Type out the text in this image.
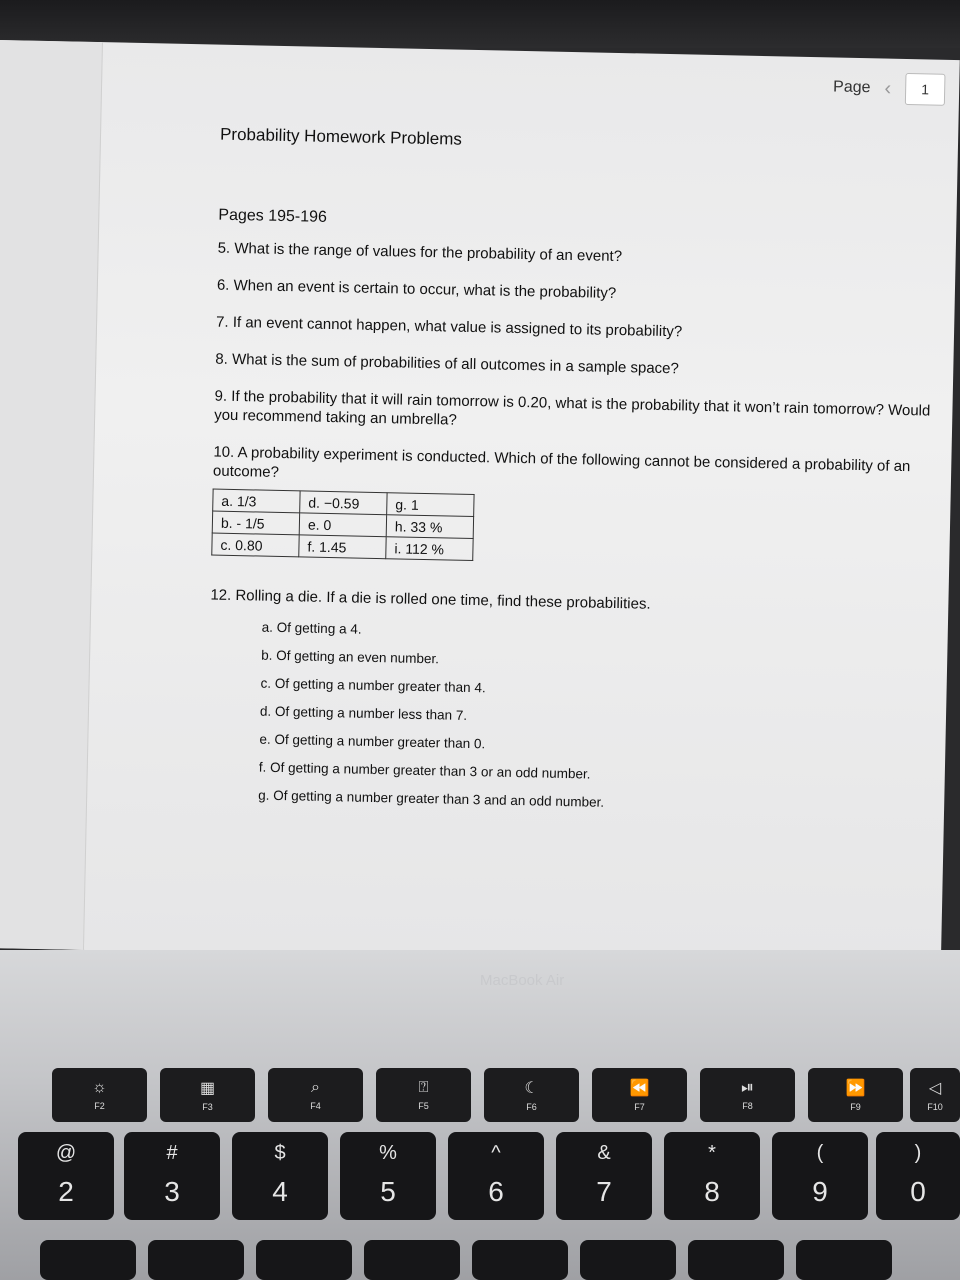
Page ‹	1
Probability Homework Problems
Pages 195-196
5. What is the range of values for the probability of an event?
6. When an event is certain to occur, what is the probability?
7. If an event cannot happen, what value is assigned to its probability?
8. What is the sum of probabilities of all outcomes in a sample space?
9. If the probability that it will rain tomorrow is 0.20, what is the probability that it won’t rain tomorrow? Would you recommend taking an umbrella?
10. A probability experiment is conducted. Which of the following cannot be considered a probability of an outcome?
a. 1/3	d. −0.59	g. 1
b. - 1/5	e. 0	h. 33 %
c. 0.80	f. 1.45	i. 112 %
12. Rolling a die. If a die is rolled one time, find these probabilities.
a. Of getting a 4.
b. Of getting an even number.
c. Of getting a number greater than 4.
d. Of getting a number less than 7.
e. Of getting a number greater than 0.
f. Of getting a number greater than 3 or an odd number.
g. Of getting a number greater than 3 and an odd number.
MacBook Air
☼
F2
▦
F3
⌕
F4
⍰
F5
☾
F6
⏪
F7
⏯
F8
⏩
F9
◁
F10
@
2
#
3
$
4
%
5
^
6
&
7
*
8
(
9
)
0
